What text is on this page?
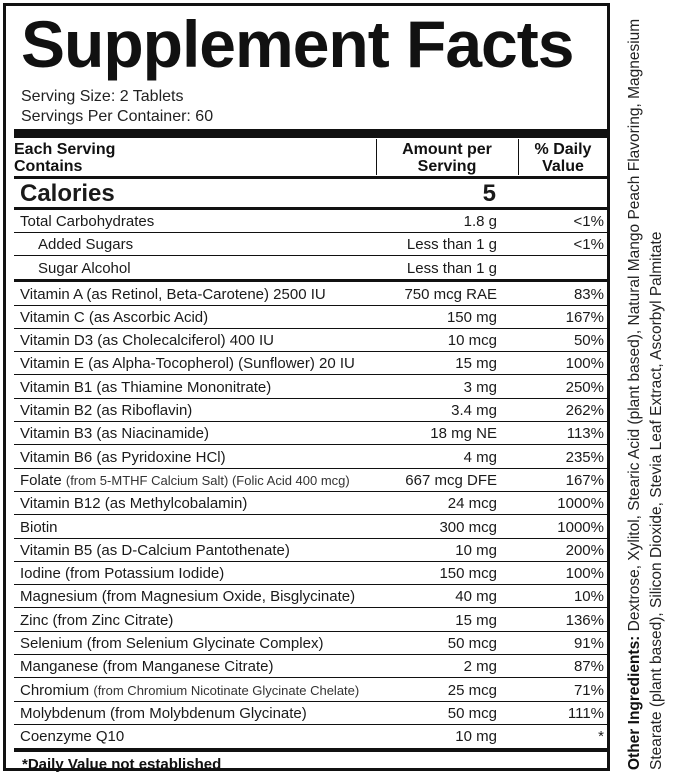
Supplement Facts
Serving Size: 2 Tablets
Servings Per Container: 60
Each Serving
Contains
Amount per
Serving
% Daily
Value
Calories	5
Total Carbohydrates	1.8 g	<1%
Added Sugars	Less than 1 g	<1%
Sugar Alcohol	Less than 1 g
Vitamin A (as Retinol, Beta-Carotene) 2500 IU	750 mcg RAE	83%
Vitamin C (as Ascorbic Acid)	150 mg	167%
Vitamin D3 (as Cholecalciferol) 400 IU	10 mcg	50%
Vitamin E (as Alpha-Tocopherol) (Sunflower) 20 IU	15 mg	100%
Vitamin B1 (as Thiamine Mononitrate)	3 mg	250%
Vitamin B2 (as Riboflavin)	3.4 mg	262%
Vitamin B3 (as Niacinamide)	18 mg NE	113%
Vitamin B6 (as Pyridoxine HCl)	4 mg	235%
Folate (from 5-MTHF Calcium Salt) (Folic Acid 400 mcg)	667 mcg DFE	167%
Vitamin B12 (as Methylcobalamin)	24 mcg	1000%
Biotin	300 mcg	1000%
Vitamin B5 (as D-Calcium Pantothenate)	10 mg	200%
Iodine (from Potassium Iodide)	150 mcg	100%
Magnesium (from Magnesium Oxide, Bisglycinate)	40 mg	10%
Zinc (from Zinc Citrate)	15 mg	136%
Selenium (from Selenium Glycinate Complex)	50 mcg	91%
Manganese (from Manganese Citrate)	2 mg	87%
Chromium (from Chromium Nicotinate Glycinate Chelate)	25 mcg	71%
Molybdenum (from Molybdenum Glycinate)	50 mcg	111%
Coenzyme Q10	10 mg	*
*Daily Value not established	Other Ingredients: Dextrose, Xylitol, Stearic Acid (plant based), Natural Mango Peach Flavoring, Magnesium Stearate (plant based), Silicon Dioxide, Stevia Leaf Extract, Ascorbyl Palmitate
